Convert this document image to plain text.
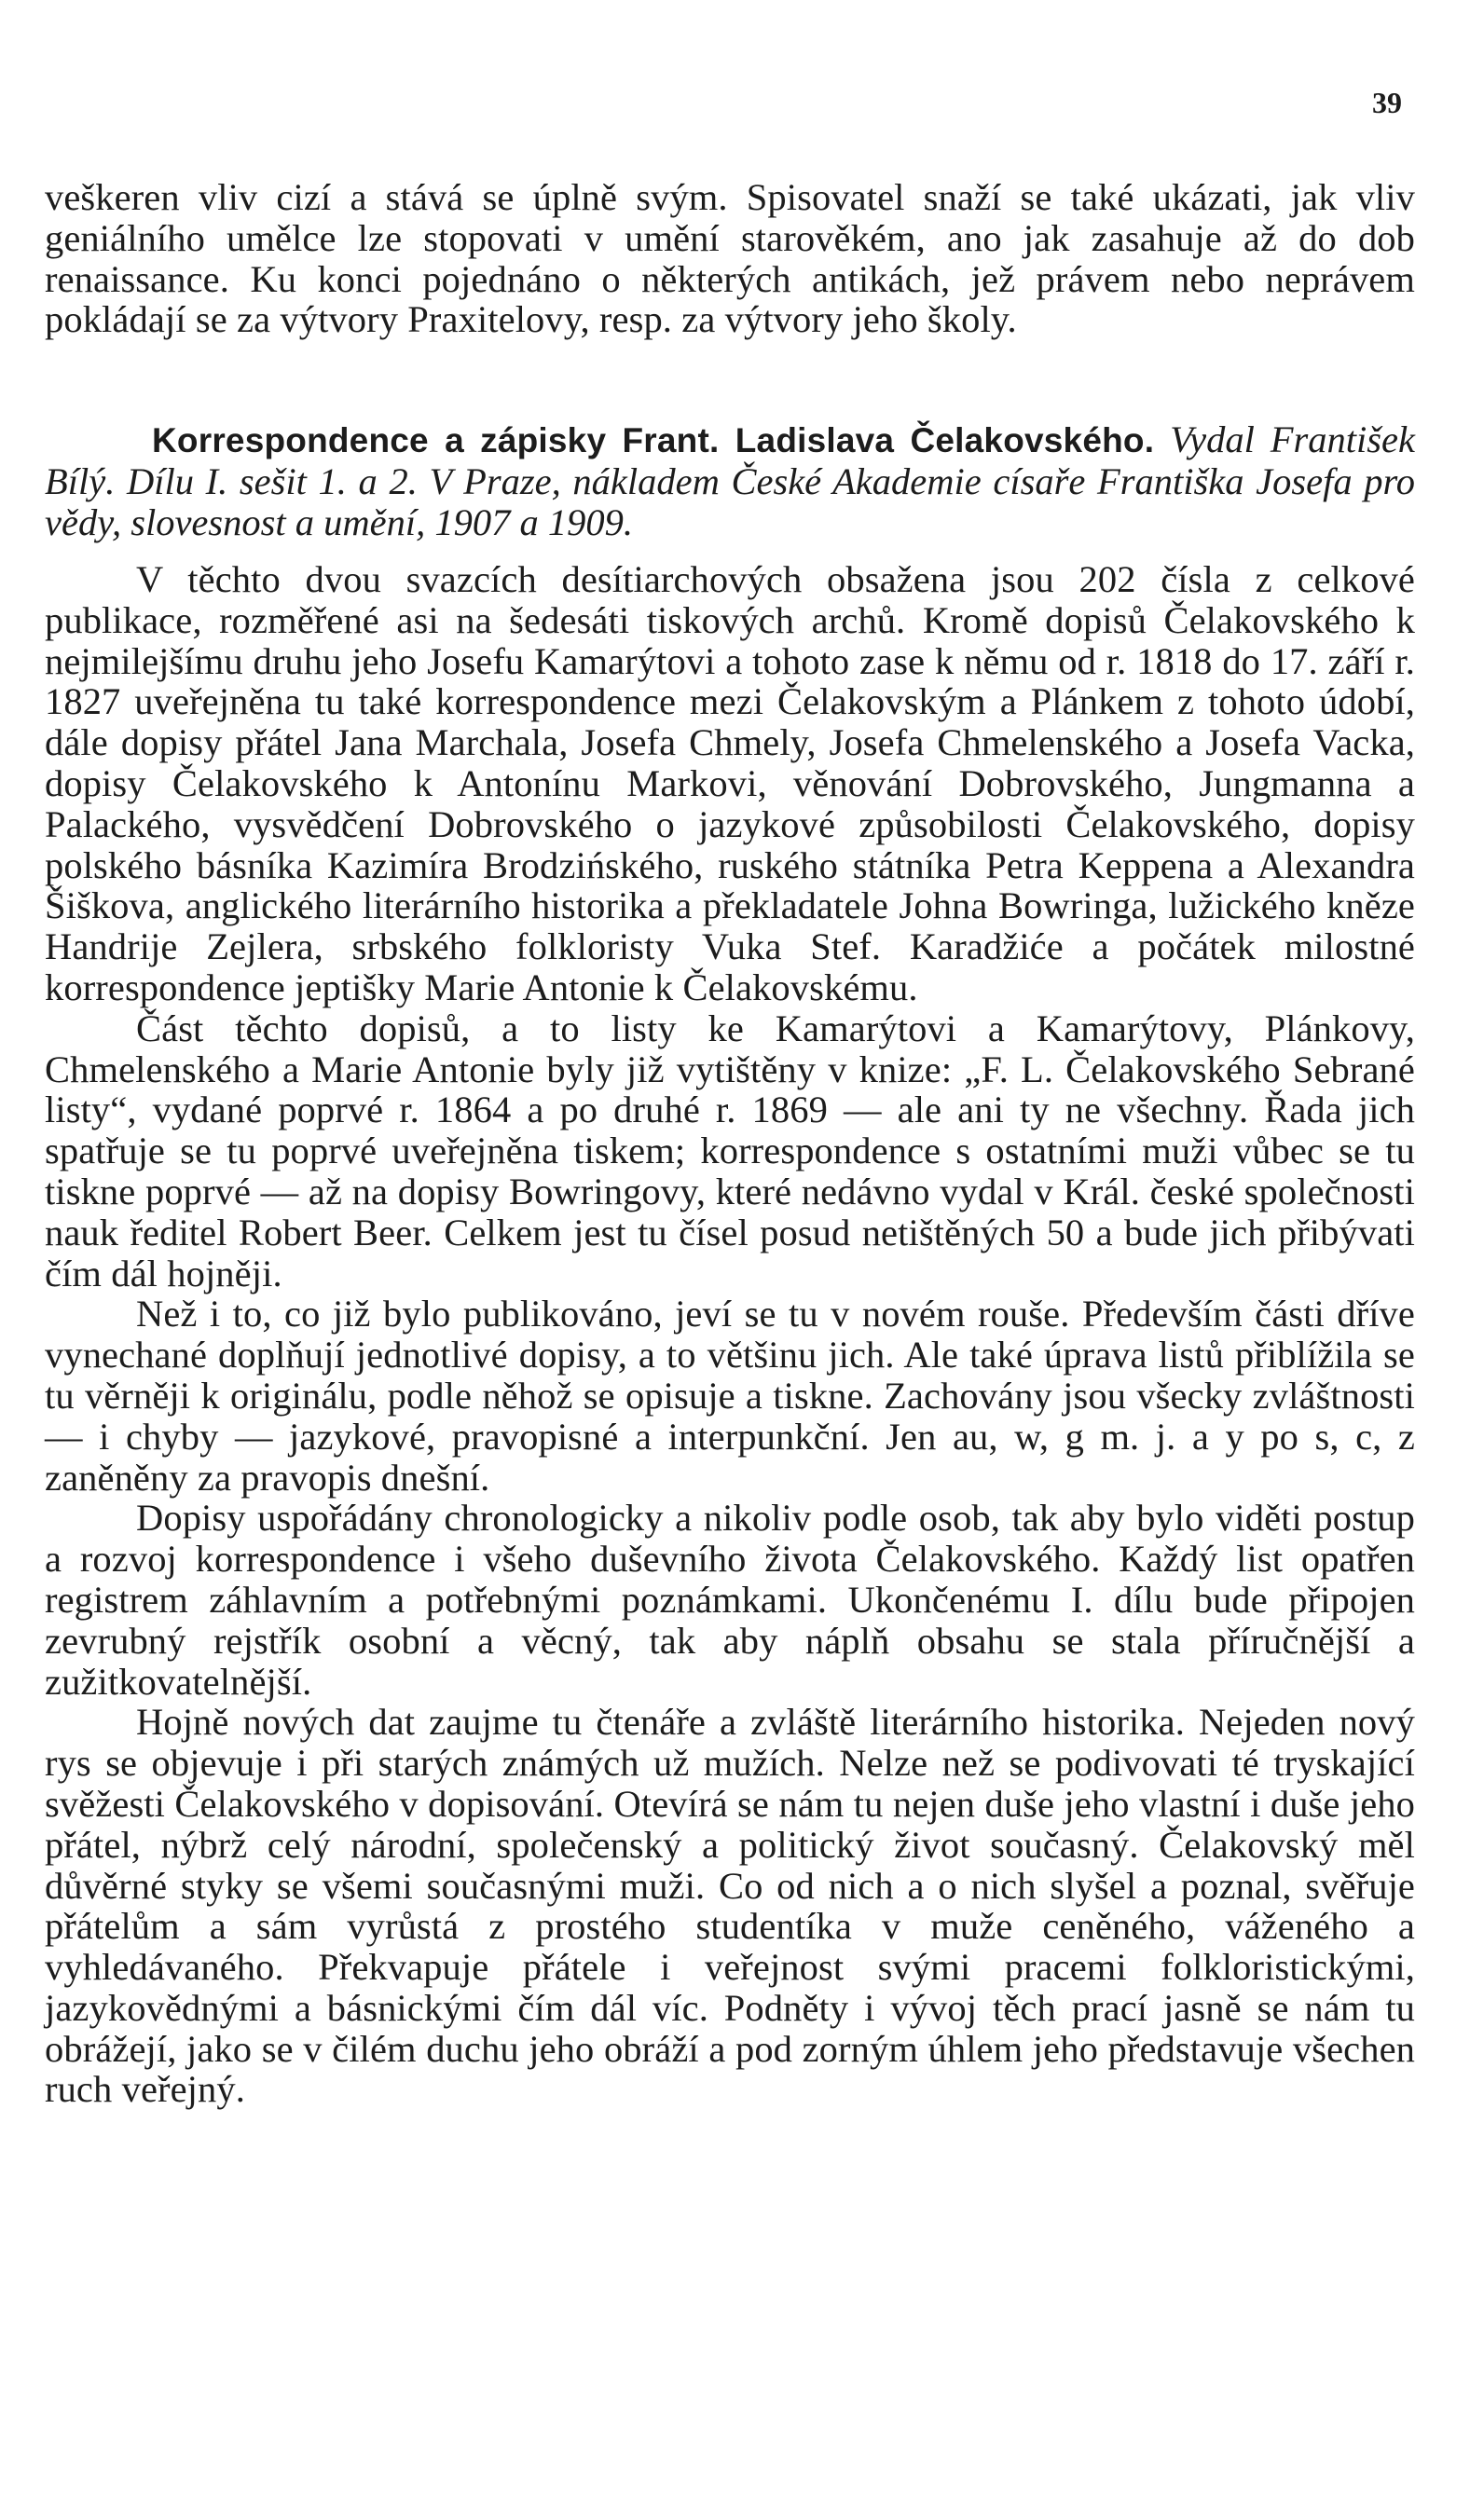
39

veškeren vliv cizí a stává se úplně svým. Spisovatel snaží se také ukázati, jak vliv geniálního umělce lze stopovati v umění starověkém, ano jak zasahuje až do dob renaissance. Ku konci pojednáno o některých antikách, jež právem nebo neprávem pokládají se za výtvory Praxitelovy, resp. za výtvory jeho školy.

Korrespondence a zápisky Frant. Ladislava Čelakovského. Vydal František Bílý. Dílu I. sešit 1. a 2. V Praze, nákladem České Akademie císaře Františka Josefa pro vědy, slovesnost a umění, 1907 a 1909.

V těchto dvou svazcích desítiarchových obsažena jsou 202 čísla z celkové publikace, rozměřené asi na šedesáti tiskových archů. Kromě dopisů Čelakovského k nejmilejšímu druhu jeho Josefu Kamarýtovi a tohoto zase k němu od r. 1818 do 17. září r. 1827 uveřejněna tu také korrespondence mezi Čelakovským a Plánkem z tohoto údobí, dále dopisy přátel Jana Marchala, Josefa Chmely, Josefa Chmelenského a Josefa Vacka, dopisy Čelakovského k Antonínu Markovi, věnování Dobrovského, Jungmanna a Palackého, vysvědčení Dobrovského o jazykové způsobilosti Čelakovského, dopisy polského básníka Kazimíra Brodzińského, ruského státníka Petra Keppena a Alexandra Šiškova, anglického literárního historika a překladatele Johna Bowringa, lužického kněze Handrije Zejlera, srbského folkloristy Vuka Stef. Karadžiće a počátek milostné korrespondence jeptišky Marie Antonie k Čelakovskému.

Část těchto dopisů, a to listy ke Kamarýtovi a Kamarýtovy, Plánkovy, Chmelenského a Marie Antonie byly již vytištěny v knize: „F. L. Čelakovského Sebrané listy“, vydané poprvé r. 1864 a po druhé r. 1869 — ale ani ty ne všechny. Řada jich spatřuje se tu poprvé uveřejněna tiskem; korrespondence s ostatními muži vůbec se tu tiskne poprvé — až na dopisy Bowringovy, které nedávno vydal v Král. české společnosti nauk ředitel Robert Beer. Celkem jest tu čísel posud netištěných 50 a bude jich přibývati čím dál hojněji.

Než i to, co již bylo publikováno, jeví se tu v novém rouše. Především části dříve vynechané doplňují jednotlivé dopisy, a to většinu jich. Ale také úprava listů přiblížila se tu věrněji k originálu, podle něhož se opisuje a tiskne. Zachovány jsou všecky zvláštnosti — i chyby — jazykové, pravopisné a interpunkční. Jen au, w, g m. j. a y po s, c, z zaněněny za pravopis dnešní.

Dopisy uspořádány chronologicky a nikoliv podle osob, tak aby bylo viděti postup a rozvoj korrespondence i všeho duševního života Čelakovského. Každý list opatřen registrem záhlavním a potřebnými poznámkami. Ukončenému I. dílu bude připojen zevrubný rejstřík osobní a věcný, tak aby náplň obsahu se stala příručnější a zužitkovatelnější.

Hojně nových dat zaujme tu čtenáře a zvláště literárního historika. Nejeden nový rys se objevuje i při starých známých už mužích. Nelze než se podivovati té tryskající svěžesti Čelakovského v dopisování. Otevírá se nám tu nejen duše jeho vlastní i duše jeho přátel, nýbrž celý národní, společenský a politický život současný. Čelakovský měl důvěrné styky se všemi současnými muži. Co od nich a o nich slyšel a poznal, svěřuje přátelům a sám vyrůstá z prostého studentíka v muže ceněného, váženého a vyhledávaného. Překvapuje přátele i veřejnost svými pracemi folkloristickými, jazykovědnými a básnickými čím dál víc. Podněty i vývoj těch prací jasně se nám tu obrážejí, jako se v čilém duchu jeho obráží a pod zorným úhlem jeho představuje všechen ruch veřejný.
